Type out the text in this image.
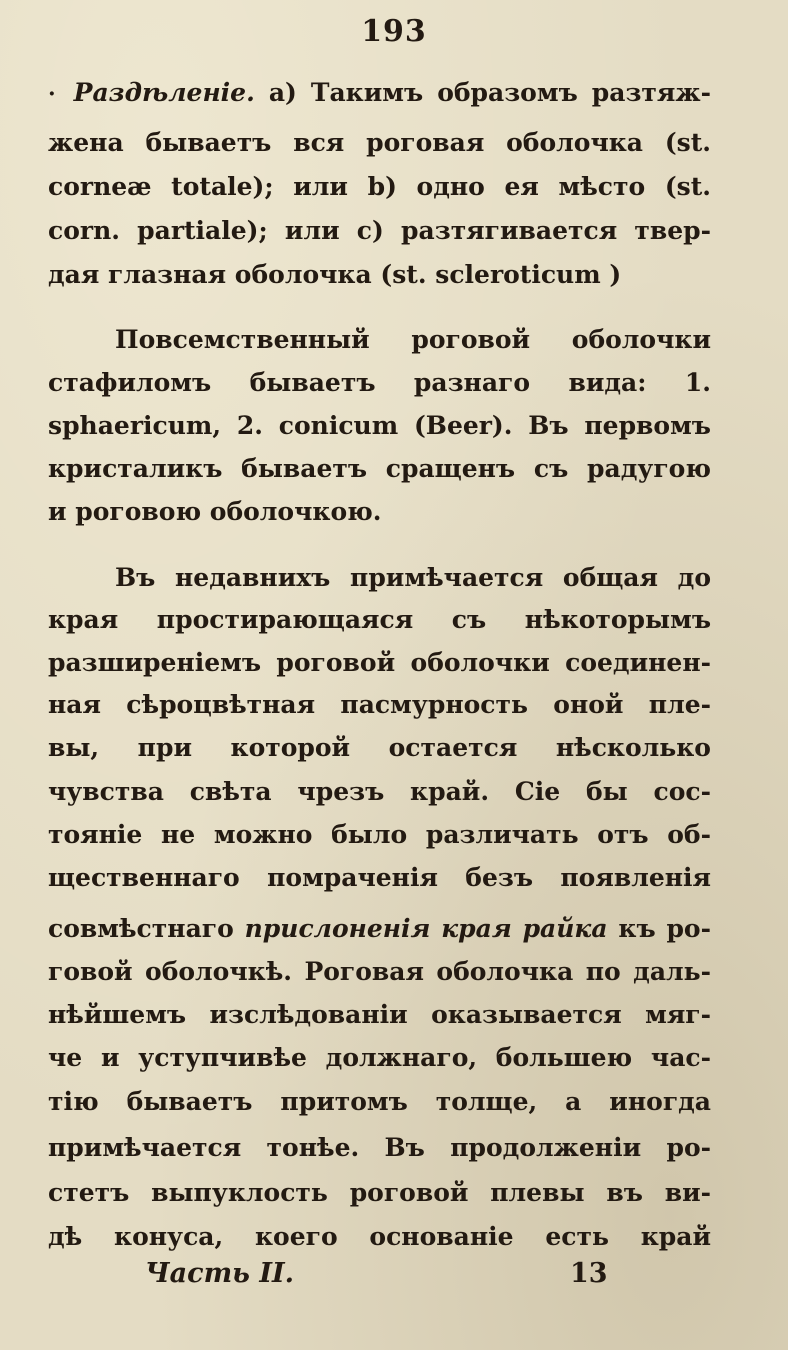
193
· Раздѣленіе. а) Такимъ образомъ разтяж-
жена бываетъ вся роговая оболочка (st.
corneæ totale); или b) одно ея мѣсто (st.
corn. partiale); или с) разтягивается твер-
дая глазная оболочка (st. scleroticum )
Повсемственный роговой оболочки
стафиломъ бываетъ разнаго вида: 1.
sphaericum, 2. conicum (Beer). Въ первомъ
кристаликъ бываетъ сращенъ съ радугою
и роговою оболочкою.
Въ недавнихъ примѣчается общая до
края простирающаяся съ нѣкоторымъ
разширеніемъ роговой оболочки соединен-
ная сѣроцвѣтная пасмурность оной пле-
вы, при которой остается нѣсколько
чувства свѣта чрезъ край. Сіе бы сос-
тояніе не можно было различать отъ об-
щественнаго помраченія безъ появленія
совмѣстнаго прислоненія края райка къ ро-
говой оболочкѣ. Роговая оболочка по даль-
нѣйшемъ изслѣдованіи оказывается мяг-
че и уступчивѣе должнаго, большею час-
тію бываетъ притомъ толще, а иногда
примѣчается тонѣе. Въ продолженіи ро-
стетъ выпуклость роговой плевы въ ви-
дѣ конуса, коего основаніе есть край
Часть II.	13
